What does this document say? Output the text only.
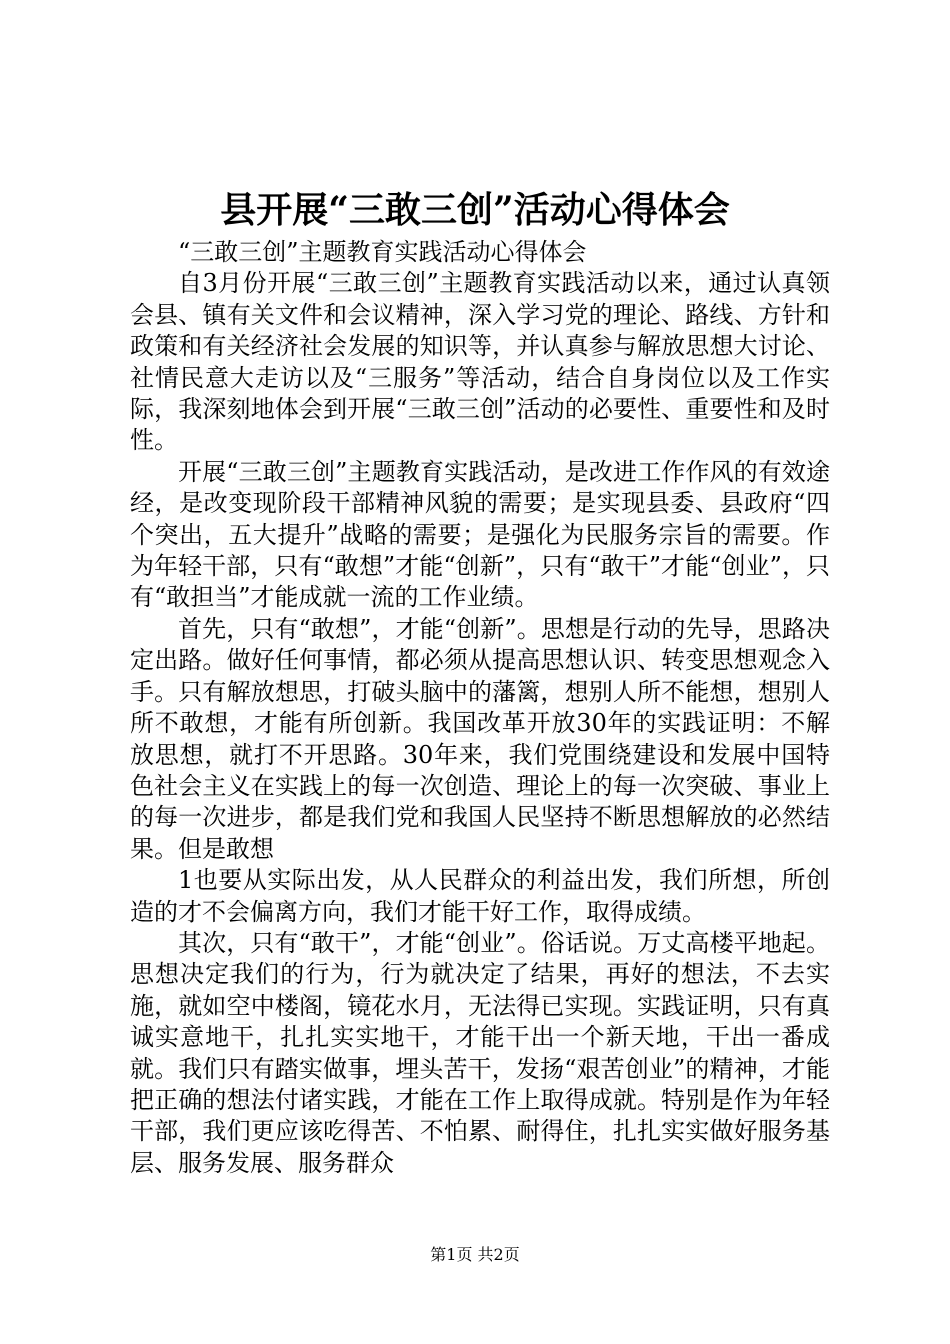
县开展“三敢三创”活动心得体会

“三敢三创”主题教育实践活动心得体会

自3月份开展“三敢三创”主题教育实践活动以来，通过认真领会县、镇有关文件和会议精神，深入学习党的理论、路线、方针和政策和有关经济社会发展的知识等，并认真参与解放思想大讨论、社情民意大走访以及“三服务”等活动，结合自身岗位以及工作实际，我深刻地体会到开展“三敢三创”活动的必要性、重要性和及时性。

开展“三敢三创”主题教育实践活动，是改进工作作风的有效途经，是改变现阶段干部精神风貌的需要；是实现县委、县政府“四个突出，五大提升”战略的需要；是强化为民服务宗旨的需要。作为年轻干部，只有“敢想”才能“创新”，只有“敢干”才能“创业”，只有“敢担当”才能成就一流的工作业绩。

首先，只有“敢想”，才能“创新”。思想是行动的先导，思路决定出路。做好任何事情，都必须从提高思想认识、转变思想观念入手。只有解放想思，打破头脑中的藩篱，想别人所不能想，想别人所不敢想，才能有所创新。我国改革开放30年的实践证明：不解放思想，就打不开思路。30年来，我们党围绕建设和发展中国特色社会主义在实践上的每一次创造、理论上的每一次突破、事业上的每一次进步，都是我们党和我国人民坚持不断思想解放的必然结果。但是敢想

1也要从实际出发，从人民群众的利益出发，我们所想，所创造的才不会偏离方向，我们才能干好工作，取得成绩。

其次，只有“敢干”，才能“创业”。俗话说。万丈高楼平地起。思想决定我们的行为，行为就决定了结果，再好的想法，不去实施，就如空中楼阁，镜花水月，无法得已实现。实践证明，只有真诚实意地干，扎扎实实地干，才能干出一个新天地，干出一番成就。我们只有踏实做事，埋头苦干，发扬“艰苦创业”的精神，才能把正确的想法付诸实践，才能在工作上取得成就。特别是作为年轻干部，我们更应该吃得苦、不怕累、耐得住，扎扎实实做好服务基层、服务发展、服务群众

第1页 共2页
